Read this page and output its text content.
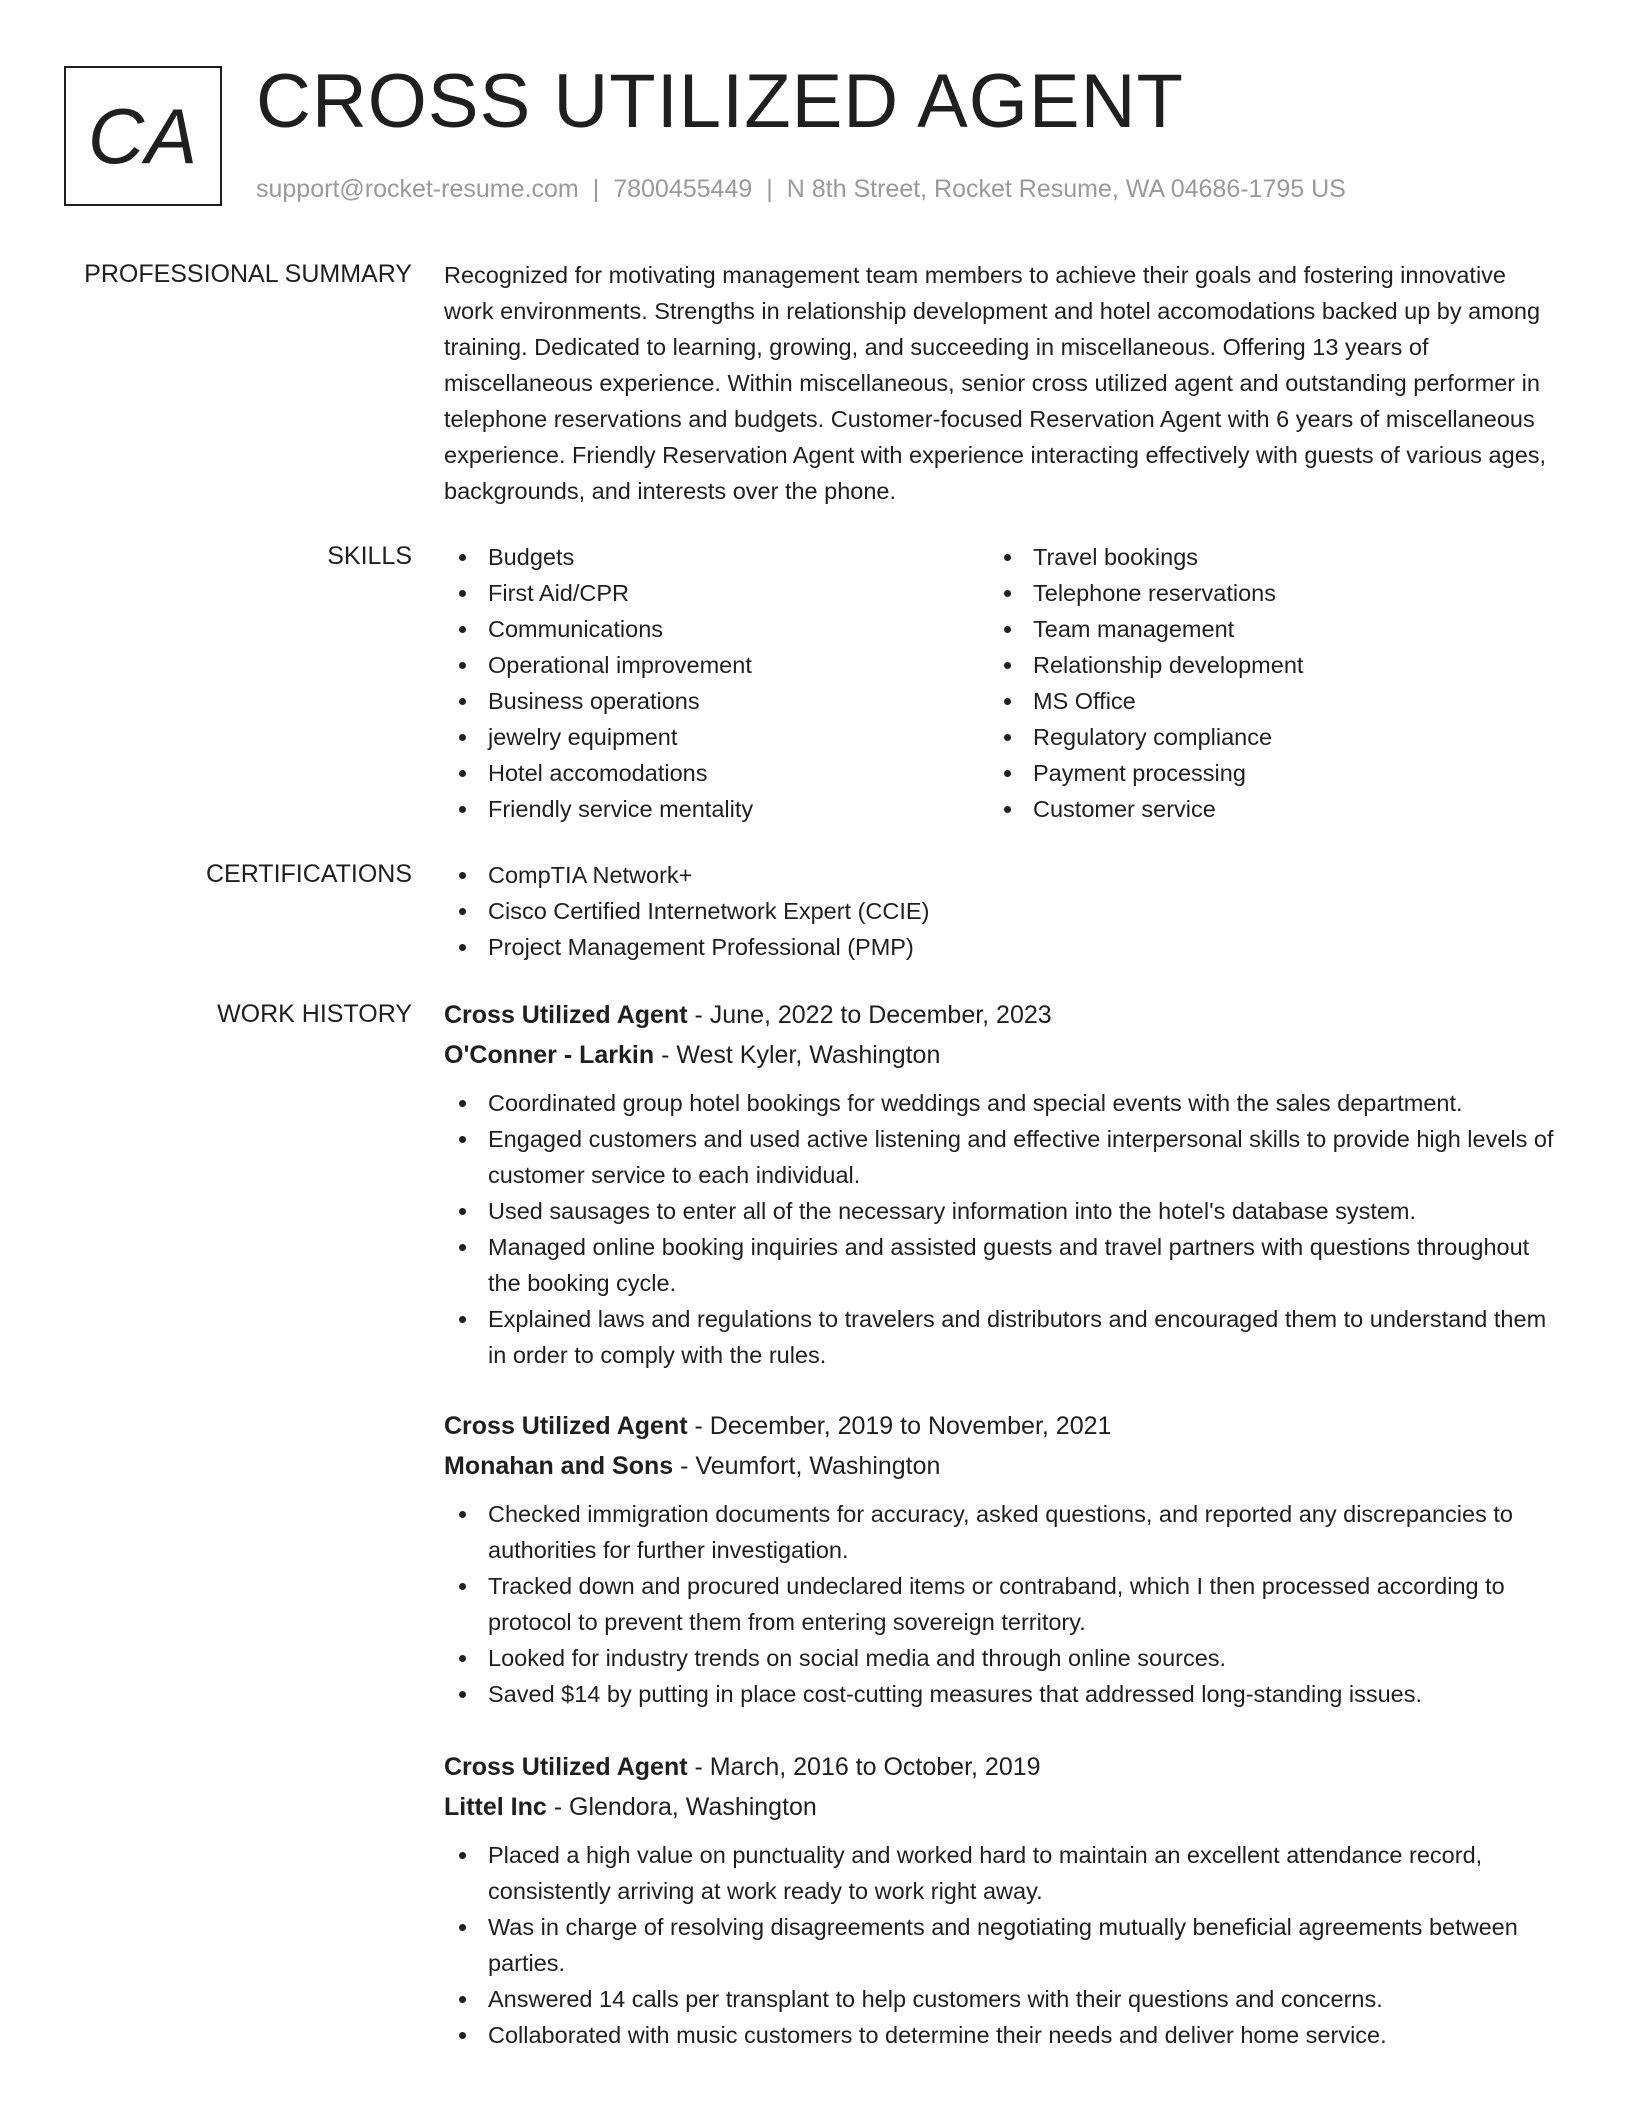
CA CROSS UTILIZED AGENT
support@rocket-resume.com | 7800455449 | N 8th Street, Rocket Resume, WA 04686-1795 US
PROFESSIONAL SUMMARY Recognized for motivating management team members to achieve their goals and fostering innovative work environments. Strengths in relationship development and hotel accomodations backed up by among training. Dedicated to learning, growing, and succeeding in miscellaneous. Offering 13 years of miscellaneous experience. Within miscellaneous, senior cross utilized agent and outstanding performer in telephone reservations and budgets. Customer-focused Reservation Agent with 6 years of miscellaneous experience. Friendly Reservation Agent with experience interacting effectively with guests of various ages, backgrounds, and interests over the phone.

SKILLS	Budgets
First Aid/CPR
Communications
Operational improvement
Business operations
jewelry equipment
Hotel accomodations
Friendly service mentality
Travel bookings
Telephone reservations
Team management
Relationship development
MS Office
Regulatory compliance
Payment processing
Customer service
CERTIFICATIONS	CompTIA Network+
Cisco Certified Internetwork Expert (CCIE)
Project Management Professional (PMP)
WORK HISTORY Cross Utilized Agent - June, 2022 to December, 2023
O'Conner - Larkin - West Kyler, Washington
Coordinated group hotel bookings for weddings and special events with the sales department.
Engaged customers and used active listening and effective interpersonal skills to provide high levels of customer service to each individual.
Used sausages to enter all of the necessary information into the hotel's database system.
Managed online booking inquiries and assisted guests and travel partners with questions throughout the booking cycle.
Explained laws and regulations to travelers and distributors and encouraged them to understand them in order to comply with the rules.
Cross Utilized Agent - December, 2019 to November, 2021
Monahan and Sons - Veumfort, Washington
Checked immigration documents for accuracy, asked questions, and reported any discrepancies to authorities for further investigation.
Tracked down and procured undeclared items or contraband, which I then processed according to protocol to prevent them from entering sovereign territory.
Looked for industry trends on social media and through online sources.
Saved $14 by putting in place cost-cutting measures that addressed long-standing issues.
Cross Utilized Agent - March, 2016 to October, 2019
Littel Inc - Glendora, Washington
Placed a high value on punctuality and worked hard to maintain an excellent attendance record, consistently arriving at work ready to work right away.
Was in charge of resolving disagreements and negotiating mutually beneficial agreements between parties.
Answered 14 calls per transplant to help customers with their questions and concerns.
Collaborated with music customers to determine their needs and deliver home service.
